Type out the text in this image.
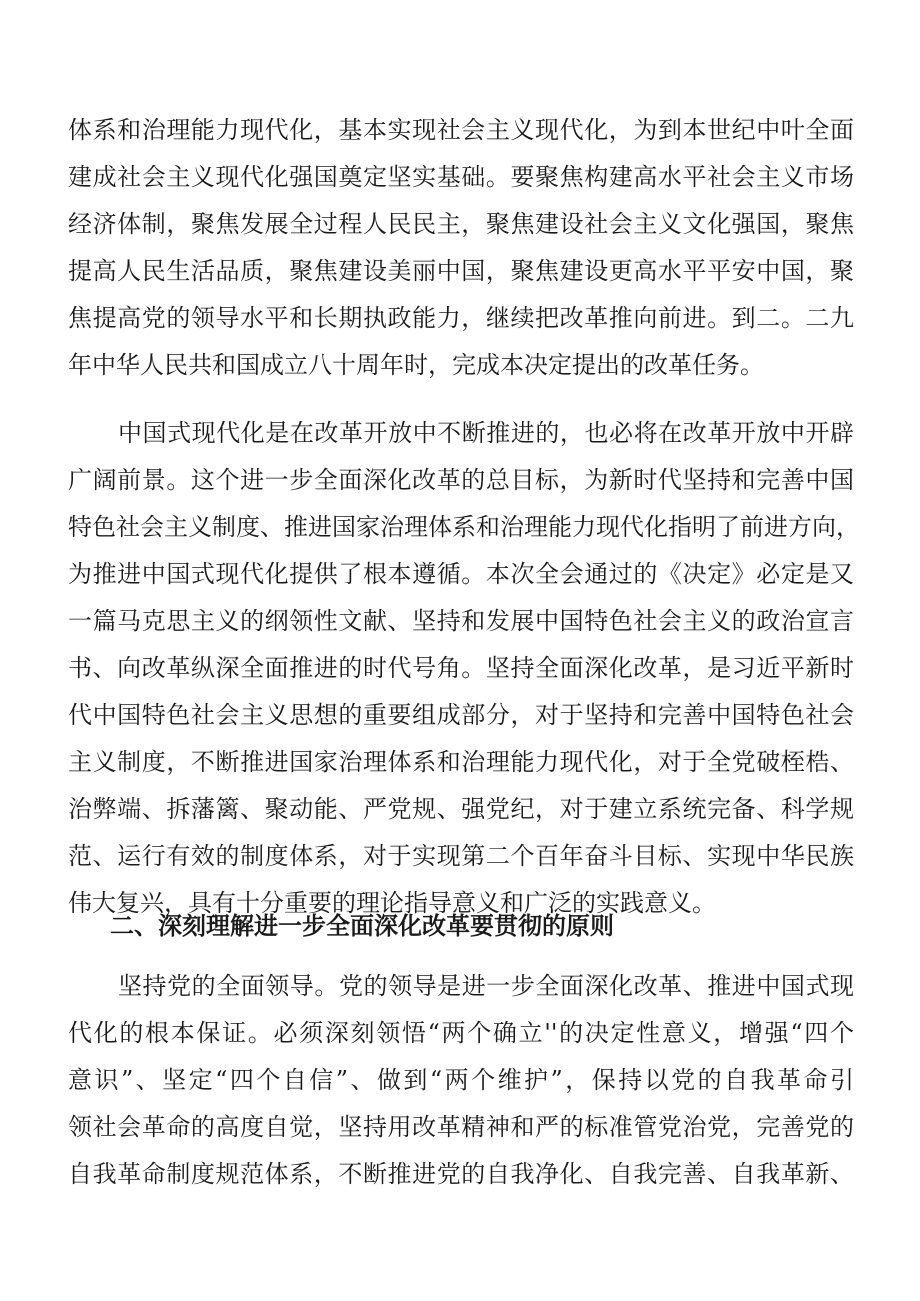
体系和治理能力现代化，基本实现社会主义现代化，为到本世纪中叶全面
建成社会主义现代化强国奠定坚实基础。要聚焦构建高水平社会主义市场
经济体制，聚焦发展全过程人民民主，聚焦建设社会主义文化强国，聚焦
提高人民生活品质，聚焦建设美丽中国，聚焦建设更高水平平安中国，聚
焦提高党的领导水平和长期执政能力，继续把改革推向前进。到二。二九
年中华人民共和国成立八十周年时，完成本决定提出的改革任务。
中国式现代化是在改革开放中不断推进的，也必将在改革开放中开辟
广阔前景。这个进一步全面深化改革的总目标，为新时代坚持和完善中国
特色社会主义制度、推进国家治理体系和治理能力现代化指明了前进方向，
为推进中国式现代化提供了根本遵循。本次全会通过的《决定》必定是又
一篇马克思主义的纲领性文献、坚持和发展中国特色社会主义的政治宣言
书、向改革纵深全面推进的时代号角。坚持全面深化改革，是习近平新时
代中国特色社会主义思想的重要组成部分，对于坚持和完善中国特色社会
主义制度，不断推进国家治理体系和治理能力现代化，对于全党破桎梏、
治弊端、拆藩篱、聚动能、严党规、强党纪，对于建立系统完备、科学规
范、运行有效的制度体系，对于实现第二个百年奋斗目标、实现中华民族
伟大复兴，具有十分重要的理论指导意义和广泛的实践意义。
二、深刻理解进一步全面深化改革要贯彻的原则
坚持党的全面领导。党的领导是进一步全面深化改革、推进中国式现
代化的根本保证。必须深刻领悟“两个确立''的决定性意义，增强“四个
意识”、坚定“四个自信”、做到“两个维护”，保持以党的自我革命引
领社会革命的高度自觉，坚持用改革精神和严的标准管党治党，完善党的
自我革命制度规范体系，不断推进党的自我净化、自我完善、自我革新、
